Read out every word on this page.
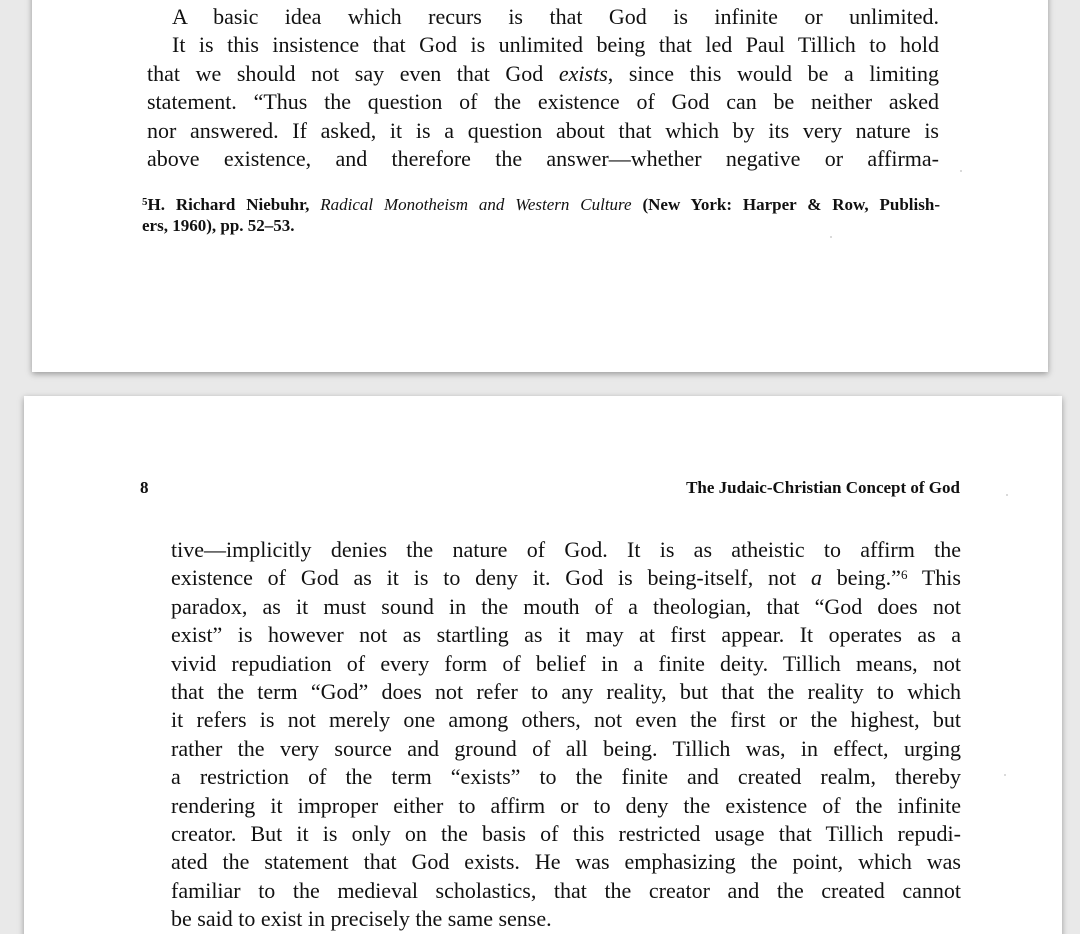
A basic idea which recurs is that God is infinite or unlimited.
It is this insistence that God is unlimited being that led Paul Tillich to hold
that we should not say even that God exists, since this would be a limiting
statement. “Thus the question of the existence of God can be neither asked
nor answered. If asked, it is a question about that which by its very nature is
above existence, and therefore the answer—whether negative or affirma-
$^5$H. Richard Niebuhr, Radical Monotheism and Western Culture (New York: Harper & Row, Publish-
ers, 1960), pp. 52–53.
8	The Judaic-Christian Concept of God
tive—implicitly denies the nature of God. It is as atheistic to affirm the
existence of God as it is to deny it. God is being-itself, not a being.”$^6$ This
paradox, as it must sound in the mouth of a theologian, that “God does not
exist” is however not as startling as it may at first appear. It operates as a
vivid repudiation of every form of belief in a finite deity. Tillich means, not
that the term “God” does not refer to any reality, but that the reality to which
it refers is not merely one among others, not even the first or the highest, but
rather the very source and ground of all being. Tillich was, in effect, urging
a restriction of the term “exists” to the finite and created realm, thereby
rendering it improper either to affirm or to deny the existence of the infinite
creator. But it is only on the basis of this restricted usage that Tillich repudi-
ated the statement that God exists. He was emphasizing the point, which was
familiar to the medieval scholastics, that the creator and the created cannot
be said to exist in precisely the same sense.
